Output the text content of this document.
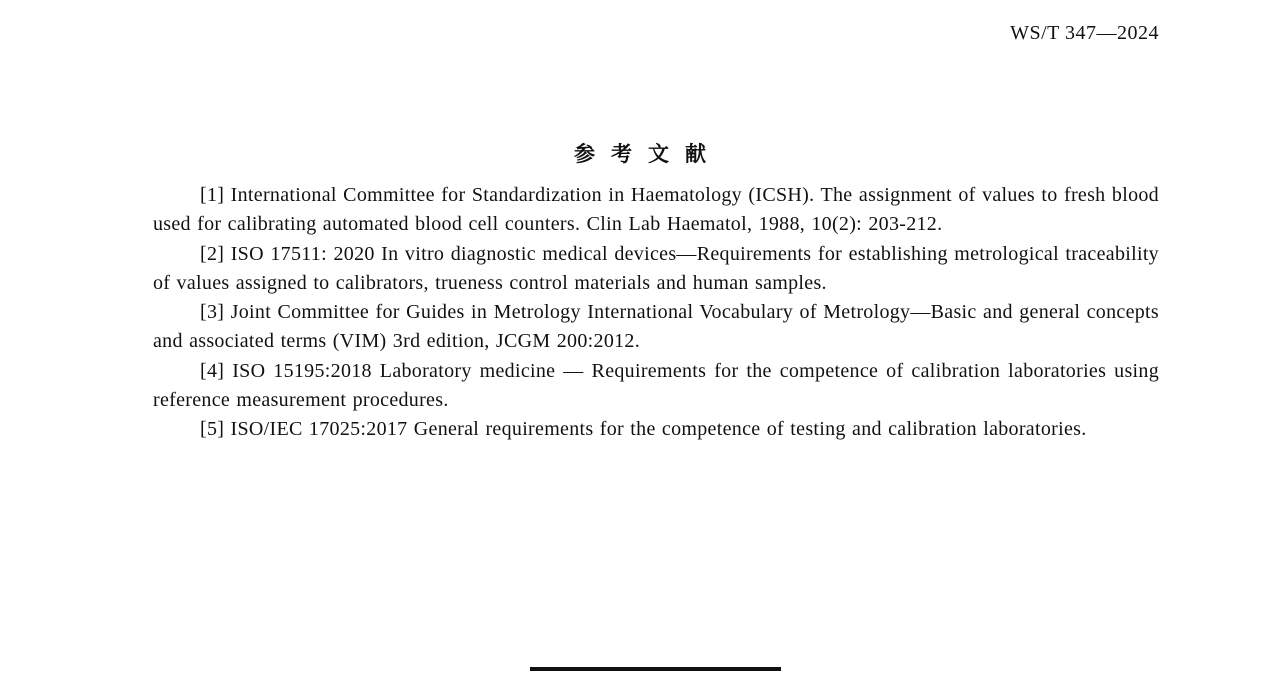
WS/T 347—2024
参考文献

[1] International Committee for Standardization in Haematology (ICSH). The assignment of values to fresh blood used for calibrating automated blood cell counters. Clin Lab Haematol, 1988, 10(2): 203-212.

[2] ISO 17511: 2020 In vitro diagnostic medical devices—Requirements for establishing metrological traceability of values assigned to calibrators, trueness control materials and human samples.

[3] Joint Committee for Guides in Metrology International Vocabulary of Metrology—Basic and general concepts and associated terms (VIM) 3rd edition, JCGM 200:2012.

[4] ISO 15195:2018 Laboratory medicine — Requirements for the competence of calibration laboratories using reference measurement procedures.

[5] ISO/IEC 17025:2017 General requirements for the competence of testing and calibration laboratories.
